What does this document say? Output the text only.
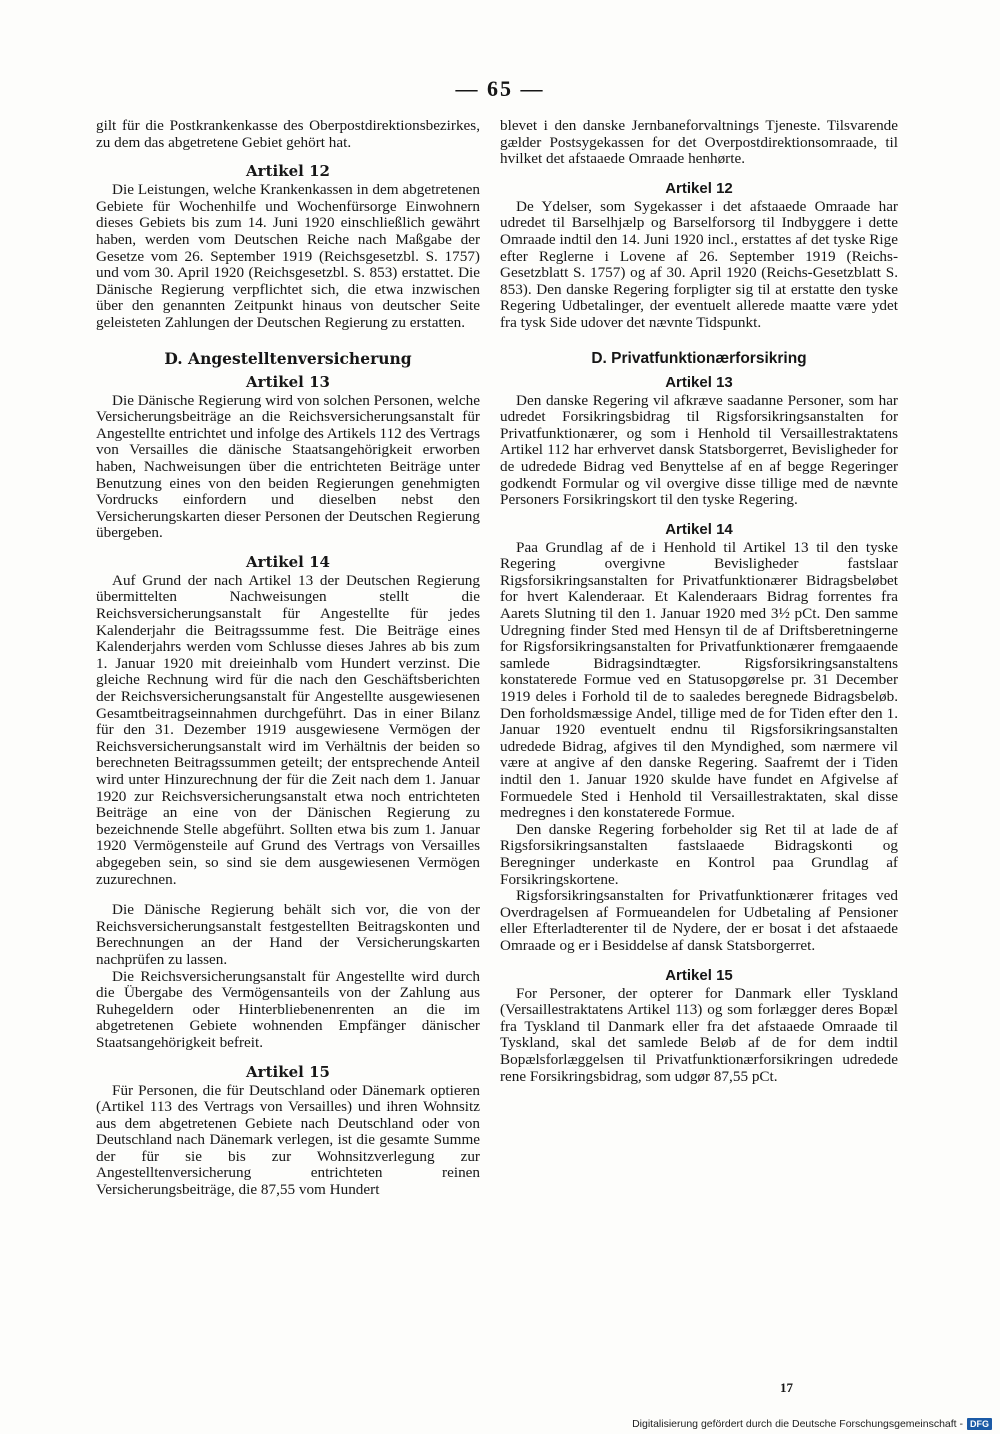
— 65 —

gilt für die Postkrankenkasse des Oberpostdirektionsbezirkes, zu dem das abgetretene Gebiet gehört hat.

Artikel 12

Die Leistungen, welche Krankenkassen in dem abgetretenen Gebiete für Wochenhilfe und Wochenfürsorge Einwohnern dieses Gebiets bis zum 14. Juni 1920 einschließlich gewährt haben, werden vom Deutschen Reiche nach Maßgabe der Gesetze vom 26. September 1919 (Reichsgesetzbl. S. 1757) und vom 30. April 1920 (Reichsgesetzbl. S. 853) erstattet. Die Dänische Regierung verpflichtet sich, die etwa inzwischen über den genannten Zeitpunkt hinaus von deutscher Seite geleisteten Zahlungen der Deutschen Regierung zu erstatten.

D. Angestelltenversicherung
Artikel 13

Die Dänische Regierung wird von solchen Personen, welche Versicherungsbeiträge an die Reichsversicherungsanstalt für Angestellte entrichtet und infolge des Artikels 112 des Vertrags von Versailles die dänische Staatsangehörigkeit erworben haben, Nachweisungen über die entrichteten Beiträge unter Benutzung eines von den beiden Regierungen genehmigten Vordrucks einfordern und dieselben nebst den Versicherungskarten dieser Personen der Deutschen Regierung übergeben.

Artikel 14

Auf Grund der nach Artikel 13 der Deutschen Regierung übermittelten Nachweisungen stellt die Reichsversicherungsanstalt für Angestellte für jedes Kalenderjahr die Beitragssumme fest. Die Beiträge eines Kalenderjahrs werden vom Schlusse dieses Jahres ab bis zum 1. Januar 1920 mit dreieinhalb vom Hundert verzinst. Die gleiche Rechnung wird für die nach den Geschäftsberichten der Reichsversicherungsanstalt für Angestellte ausgewiesenen Gesamtbeitragseinnahmen durchgeführt. Das in einer Bilanz für den 31. Dezember 1919 ausgewiesene Vermögen der Reichsversicherungsanstalt wird im Verhältnis der beiden so berechneten Beitragssummen geteilt; der entsprechende Anteil wird unter Hinzurechnung der für die Zeit nach dem 1. Januar 1920 zur Reichsversicherungsanstalt etwa noch entrichteten Beiträge an eine von der Dänischen Regierung zu bezeichnende Stelle abgeführt. Sollten etwa bis zum 1. Januar 1920 Vermögensteile auf Grund des Vertrags von Versailles abgegeben sein, so sind sie dem ausgewiesenen Vermögen zuzurechnen.

Die Dänische Regierung behält sich vor, die von der Reichsversicherungsanstalt festgestellten Beitragskonten und Berechnungen an der Hand der Versicherungskarten nachprüfen zu lassen.

Die Reichsversicherungsanstalt für Angestellte wird durch die Übergabe des Vermögensanteils von der Zahlung aus Ruhegeldern oder Hinterbliebenenrenten an die im abgetretenen Gebiete wohnenden Empfänger dänischer Staatsangehörigkeit befreit.

Artikel 15

Für Personen, die für Deutschland oder Dänemark optieren (Artikel 113 des Vertrags von Versailles) und ihren Wohnsitz aus dem abgetretenen Gebiete nach Deutschland oder von Deutschland nach Dänemark verlegen, ist die gesamte Summe der für sie bis zur Wohnsitzverlegung zur Angestelltenversicherung entrichteten reinen Versicherungsbeiträge, die 87,55 vom Hundert

blevet i den danske Jernbaneforvaltnings Tjeneste. Tilsvarende gælder Postsygekassen for det Overpostdirektionsomraade, til hvilket det afstaaede Omraade henhørte.

Artikel 12

De Ydelser, som Sygekasser i det afstaaede Omraade har udredet til Barselhjælp og Barselforsorg til Indbyggere i dette Omraade indtil den 14. Juni 1920 incl., erstattes af det tyske Rige efter Reglerne i Lovene af 26. September 1919 (Reichs-Gesetzblatt S. 1757) og af 30. April 1920 (Reichs-Gesetzblatt S. 853). Den danske Regering forpligter sig til at erstatte den tyske Regering Udbetalinger, der eventuelt allerede maatte være ydet fra tysk Side udover det nævnte Tidspunkt.

D. Privatfunktionærforsikring
Artikel 13

Den danske Regering vil afkræve saadanne Personer, som har udredet Forsikringsbidrag til Rigsforsikringsanstalten for Privatfunktionærer, og som i Henhold til Versaillestraktatens Artikel 112 har erhvervet dansk Statsborgerret, Bevisligheder for de udredede Bidrag ved Benyttelse af en af begge Regeringer godkendt Formular og vil overgive disse tillige med de nævnte Personers Forsikringskort til den tyske Regering.

Artikel 14

Paa Grundlag af de i Henhold til Artikel 13 til den tyske Regering overgivne Bevisligheder fastslaar Rigsforsikringsanstalten for Privatfunktionærer Bidragsbeløbet for hvert Kalenderaar. Et Kalenderaars Bidrag forrentes fra Aarets Slutning til den 1. Januar 1920 med 3½ pCt. Den samme Udregning finder Sted med Hensyn til de af Driftsberetningerne for Rigsforsikringsanstalten for Privatfunktionærer fremgaaende samlede Bidragsindtægter. Rigsforsikringsanstaltens konstaterede Formue ved en Statusopgørelse pr. 31 December 1919 deles i Forhold til de to saaledes beregnede Bidragsbeløb. Den forholdsmæssige Andel, tillige med de for Tiden efter den 1. Januar 1920 eventuelt endnu til Rigsforsikringsanstalten udredede Bidrag, afgives til den Myndighed, som nærmere vil være at angive af den danske Regering. Saafremt der i Tiden indtil den 1. Januar 1920 skulde have fundet en Afgivelse af Formuedele Sted i Henhold til Versaillestraktaten, skal disse medregnes i den konstaterede Formue.

Den danske Regering forbeholder sig Ret til at lade de af Rigsforsikringsanstalten fastslaaede Bidragskonti og Beregninger underkaste en Kontrol paa Grundlag af Forsikringskortene.

Rigsforsikringsanstalten for Privatfunktionærer fritages ved Overdragelsen af Formueandelen for Udbetaling af Pensioner eller Efterladterenter til de Nydere, der er bosat i det afstaaede Omraade og er i Besiddelse af dansk Statsborgerret.

Artikel 15

For Personer, der opterer for Danmark eller Tyskland (Versaillestraktatens Artikel 113) og som forlægger deres Bopæl fra Tyskland til Danmark eller fra det afstaaede Omraade til Tyskland, skal det samlede Beløb af de for dem indtil Bopælsforlæggelsen til Privatfunktionærforsikringen udredede rene Forsikringsbidrag, som udgør 87,55 pCt.

17
Digitalisierung gefördert durch die Deutsche Forschungsgemeinschaft - DFG
